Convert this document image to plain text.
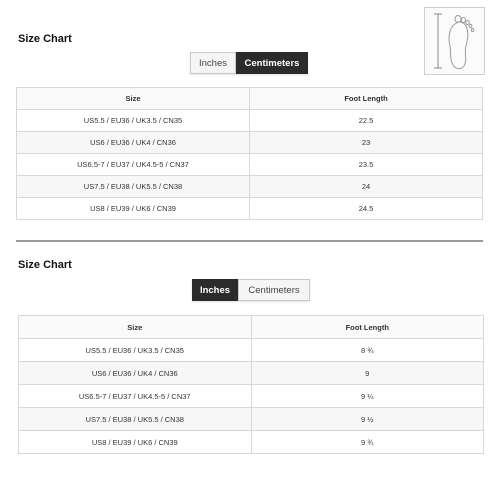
Size Chart
Inches	Centimeters
Size	Foot Length
US5.5 / EU36 / UK3.5 / CN35	22.5
US6 / EU36 / UK4 / CN36	23
US6.5-7 / EU37 / UK4.5-5 / CN37	23.5
US7.5 / EU38 / UK5.5 / CN38	24
US8 / EU39 / UK6 / CN39	24.5
Size Chart
Inches	Centimeters
Size	Foot Length
US5.5 / EU36 / UK3.5 / CN35	8 ¾
US6 / EU36 / UK4 / CN36	9
US6.5-7 / EU37 / UK4.5-5 / CN37	9 ¼
US7.5 / EU38 / UK5.5 / CN38	9 ½
US8 / EU39 / UK6 / CN39	9 ¾
